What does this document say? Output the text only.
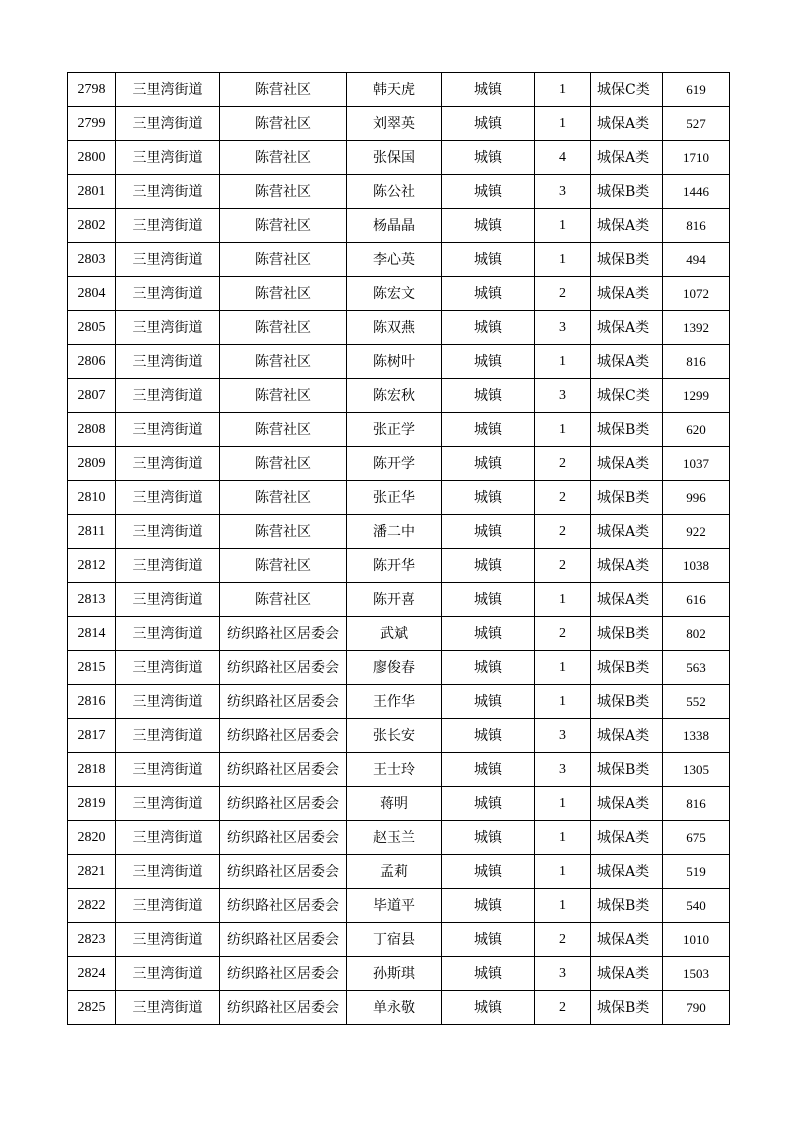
2798	三里湾街道	陈营社区	韩天虎	城镇	1	城保C类	619
2799	三里湾街道	陈营社区	刘翠英	城镇	1	城保A类	527
2800	三里湾街道	陈营社区	张保国	城镇	4	城保A类	1710
2801	三里湾街道	陈营社区	陈公社	城镇	3	城保B类	1446
2802	三里湾街道	陈营社区	杨晶晶	城镇	1	城保A类	816
2803	三里湾街道	陈营社区	李心英	城镇	1	城保B类	494
2804	三里湾街道	陈营社区	陈宏文	城镇	2	城保A类	1072
2805	三里湾街道	陈营社区	陈双燕	城镇	3	城保A类	1392
2806	三里湾街道	陈营社区	陈树叶	城镇	1	城保A类	816
2807	三里湾街道	陈营社区	陈宏秋	城镇	3	城保C类	1299
2808	三里湾街道	陈营社区	张正学	城镇	1	城保B类	620
2809	三里湾街道	陈营社区	陈开学	城镇	2	城保A类	1037
2810	三里湾街道	陈营社区	张正华	城镇	2	城保B类	996
2811	三里湾街道	陈营社区	潘二中	城镇	2	城保A类	922
2812	三里湾街道	陈营社区	陈开华	城镇	2	城保A类	1038
2813	三里湾街道	陈营社区	陈开喜	城镇	1	城保A类	616
2814	三里湾街道	纺织路社区居委会	武斌	城镇	2	城保B类	802
2815	三里湾街道	纺织路社区居委会	廖俊春	城镇	1	城保B类	563
2816	三里湾街道	纺织路社区居委会	王作华	城镇	1	城保B类	552
2817	三里湾街道	纺织路社区居委会	张长安	城镇	3	城保A类	1338
2818	三里湾街道	纺织路社区居委会	王士玲	城镇	3	城保B类	1305
2819	三里湾街道	纺织路社区居委会	蒋明	城镇	1	城保A类	816
2820	三里湾街道	纺织路社区居委会	赵玉兰	城镇	1	城保A类	675
2821	三里湾街道	纺织路社区居委会	孟莉	城镇	1	城保A类	519
2822	三里湾街道	纺织路社区居委会	毕道平	城镇	1	城保B类	540
2823	三里湾街道	纺织路社区居委会	丁宿县	城镇	2	城保A类	1010
2824	三里湾街道	纺织路社区居委会	孙斯琪	城镇	3	城保A类	1503
2825	三里湾街道	纺织路社区居委会	单永敬	城镇	2	城保B类	790
